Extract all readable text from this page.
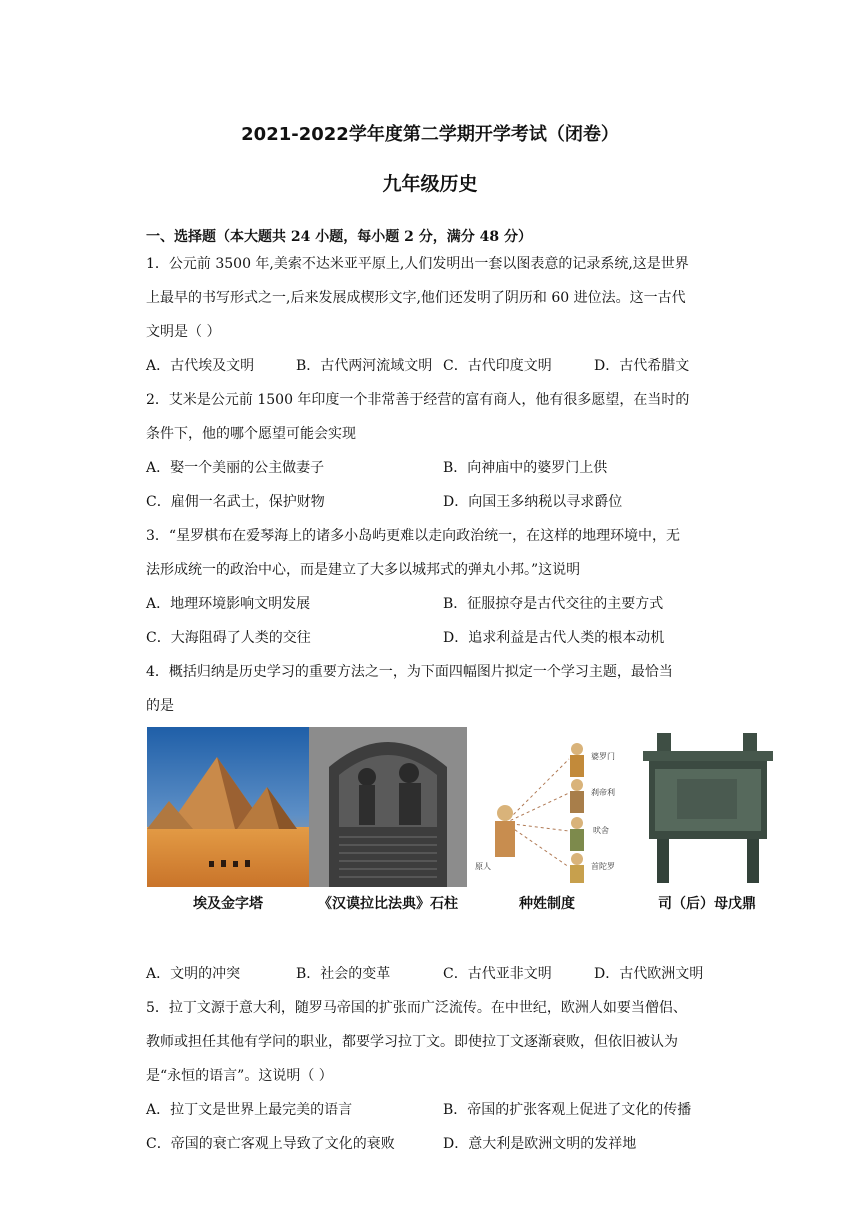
2021-2022学年度第二学期开学考试（闭卷）
九年级历史
一、选择题（本大题共 24 小题，每小题 2 分，满分 48 分）
1．公元前 3500 年,美索不达米亚平原上,人们发明出一套以图表意的记录系统,这是世界
上最早的书写形式之一,后来发展成楔形文字,他们还发明了阴历和 60 进位法。这一古代
文明是（ ）
A．古代埃及文明	B．古代两河流域文明 C．古代印度文明	D．古代希腊文
2．艾米是公元前 1500 年印度一个非常善于经营的富有商人，他有很多愿望，在当时的
条件下，他的哪个愿望可能会实现
A．娶一个美丽的公主做妻子	B．向神庙中的婆罗门上供
C．雇佣一名武士，保护财物	D．向国王多纳税以寻求爵位
3．“星罗棋布在爱琴海上的诸多小岛屿更难以走向政治统一，在这样的地理环境中，无
法形成统一的政治中心，而是建立了大多以城邦式的弹丸小邦。”这说明
A．地理环境影响文明发展	B．征服掠夺是古代交往的主要方式
C．大海阻碍了人类的交往	D．追求利益是古代人类的根本动机
4．概括归纳是历史学习的重要方法之一，为下面四幅图片拟定一个学习主题，最恰当
的是
埃及金字塔	《汉谟拉比法典》石柱
婆罗门
刹帝利
吠舍
首陀罗
原人
种姓制度	司（后）母戊鼎
A．文明的冲突	B．社会的变革	C．古代亚非文明	D．古代欧洲文明
5．拉丁文源于意大利，随罗马帝国的扩张而广泛流传。在中世纪，欧洲人如要当僧侣、
教师或担任其他有学问的职业，都要学习拉丁文。即使拉丁文逐渐衰败，但依旧被认为
是“永恒的语言”。这说明（ ）
A．拉丁文是世界上最完美的语言	B．帝国的扩张客观上促进了文化的传播
C．帝国的衰亡客观上导致了文化的衰败	D．意大利是欧洲文明的发祥地
